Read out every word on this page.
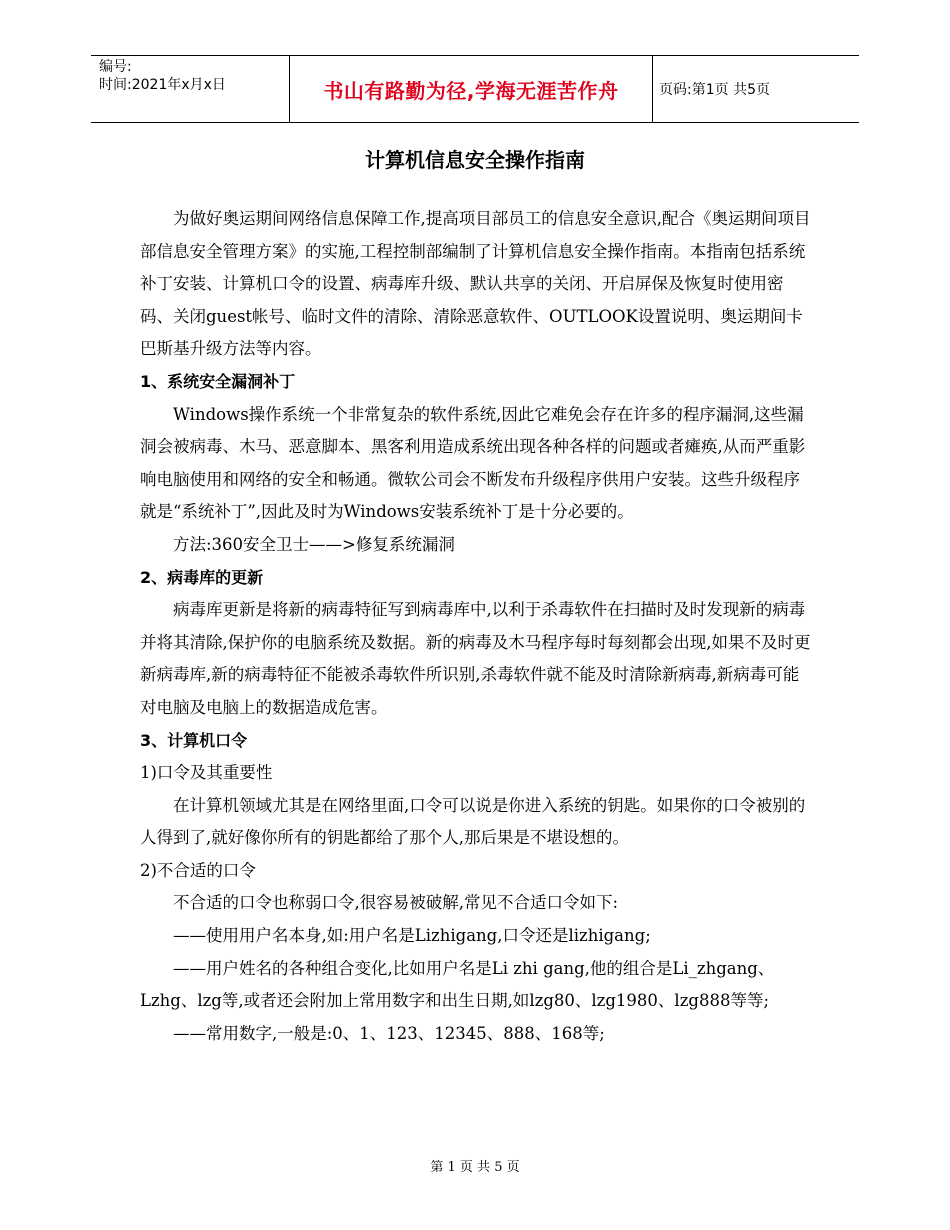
编号:
时间:2021年x月x日	书山有路勤为径,学海无涯苦作舟	页码:第1页 共5页
计算机信息安全操作指南

为做好奥运期间网络信息保障工作,提高项目部员工的信息安全意识,配合《奥运期间项目部信息安全管理方案》的实施,工程控制部编制了计算机信息安全操作指南。本指南包括系统补丁安装、计算机口令的设置、病毒库升级、默认共享的关闭、开启屏保及恢复时使用密码、关闭guest帐号、临时文件的清除、清除恶意软件、OUTLOOK设置说明、奥运期间卡巴斯基升级方法等内容。

1、系统安全漏洞补丁

Windows操作系统一个非常复杂的软件系统,因此它难免会存在许多的程序漏洞,这些漏洞会被病毒、木马、恶意脚本、黑客利用造成系统出现各种各样的问题或者瘫痪,从而严重影响电脑使用和网络的安全和畅通。微软公司会不断发布升级程序供用户安装。这些升级程序就是“系统补丁”,因此及时为Windows安装系统补丁是十分必要的。

方法:360安全卫士——>修复系统漏洞

2、病毒库的更新

病毒库更新是将新的病毒特征写到病毒库中,以利于杀毒软件在扫描时及时发现新的病毒并将其清除,保护你的电脑系统及数据。新的病毒及木马程序每时每刻都会出现,如果不及时更新病毒库,新的病毒特征不能被杀毒软件所识别,杀毒软件就不能及时清除新病毒,新病毒可能对电脑及电脑上的数据造成危害。

3、计算机口令

1)口令及其重要性

在计算机领域尤其是在网络里面,口令可以说是你进入系统的钥匙。如果你的口令被别的人得到了,就好像你所有的钥匙都给了那个人,那后果是不堪设想的。

2)不合适的口令

不合适的口令也称弱口令,很容易被破解,常见不合适口令如下:

——使用用户名本身,如:用户名是Lizhigang,口令还是lizhigang;

——用户姓名的各种组合变化,比如用户名是Li zhi gang,他的组合是Li_zhgang、Lzhg、lzg等,或者还会附加上常用数字和出生日期,如lzg80、lzg1980、lzg888等等;

——常用数字,一般是:0、1、123、12345、888、168等;

第 1 页 共 5 页
